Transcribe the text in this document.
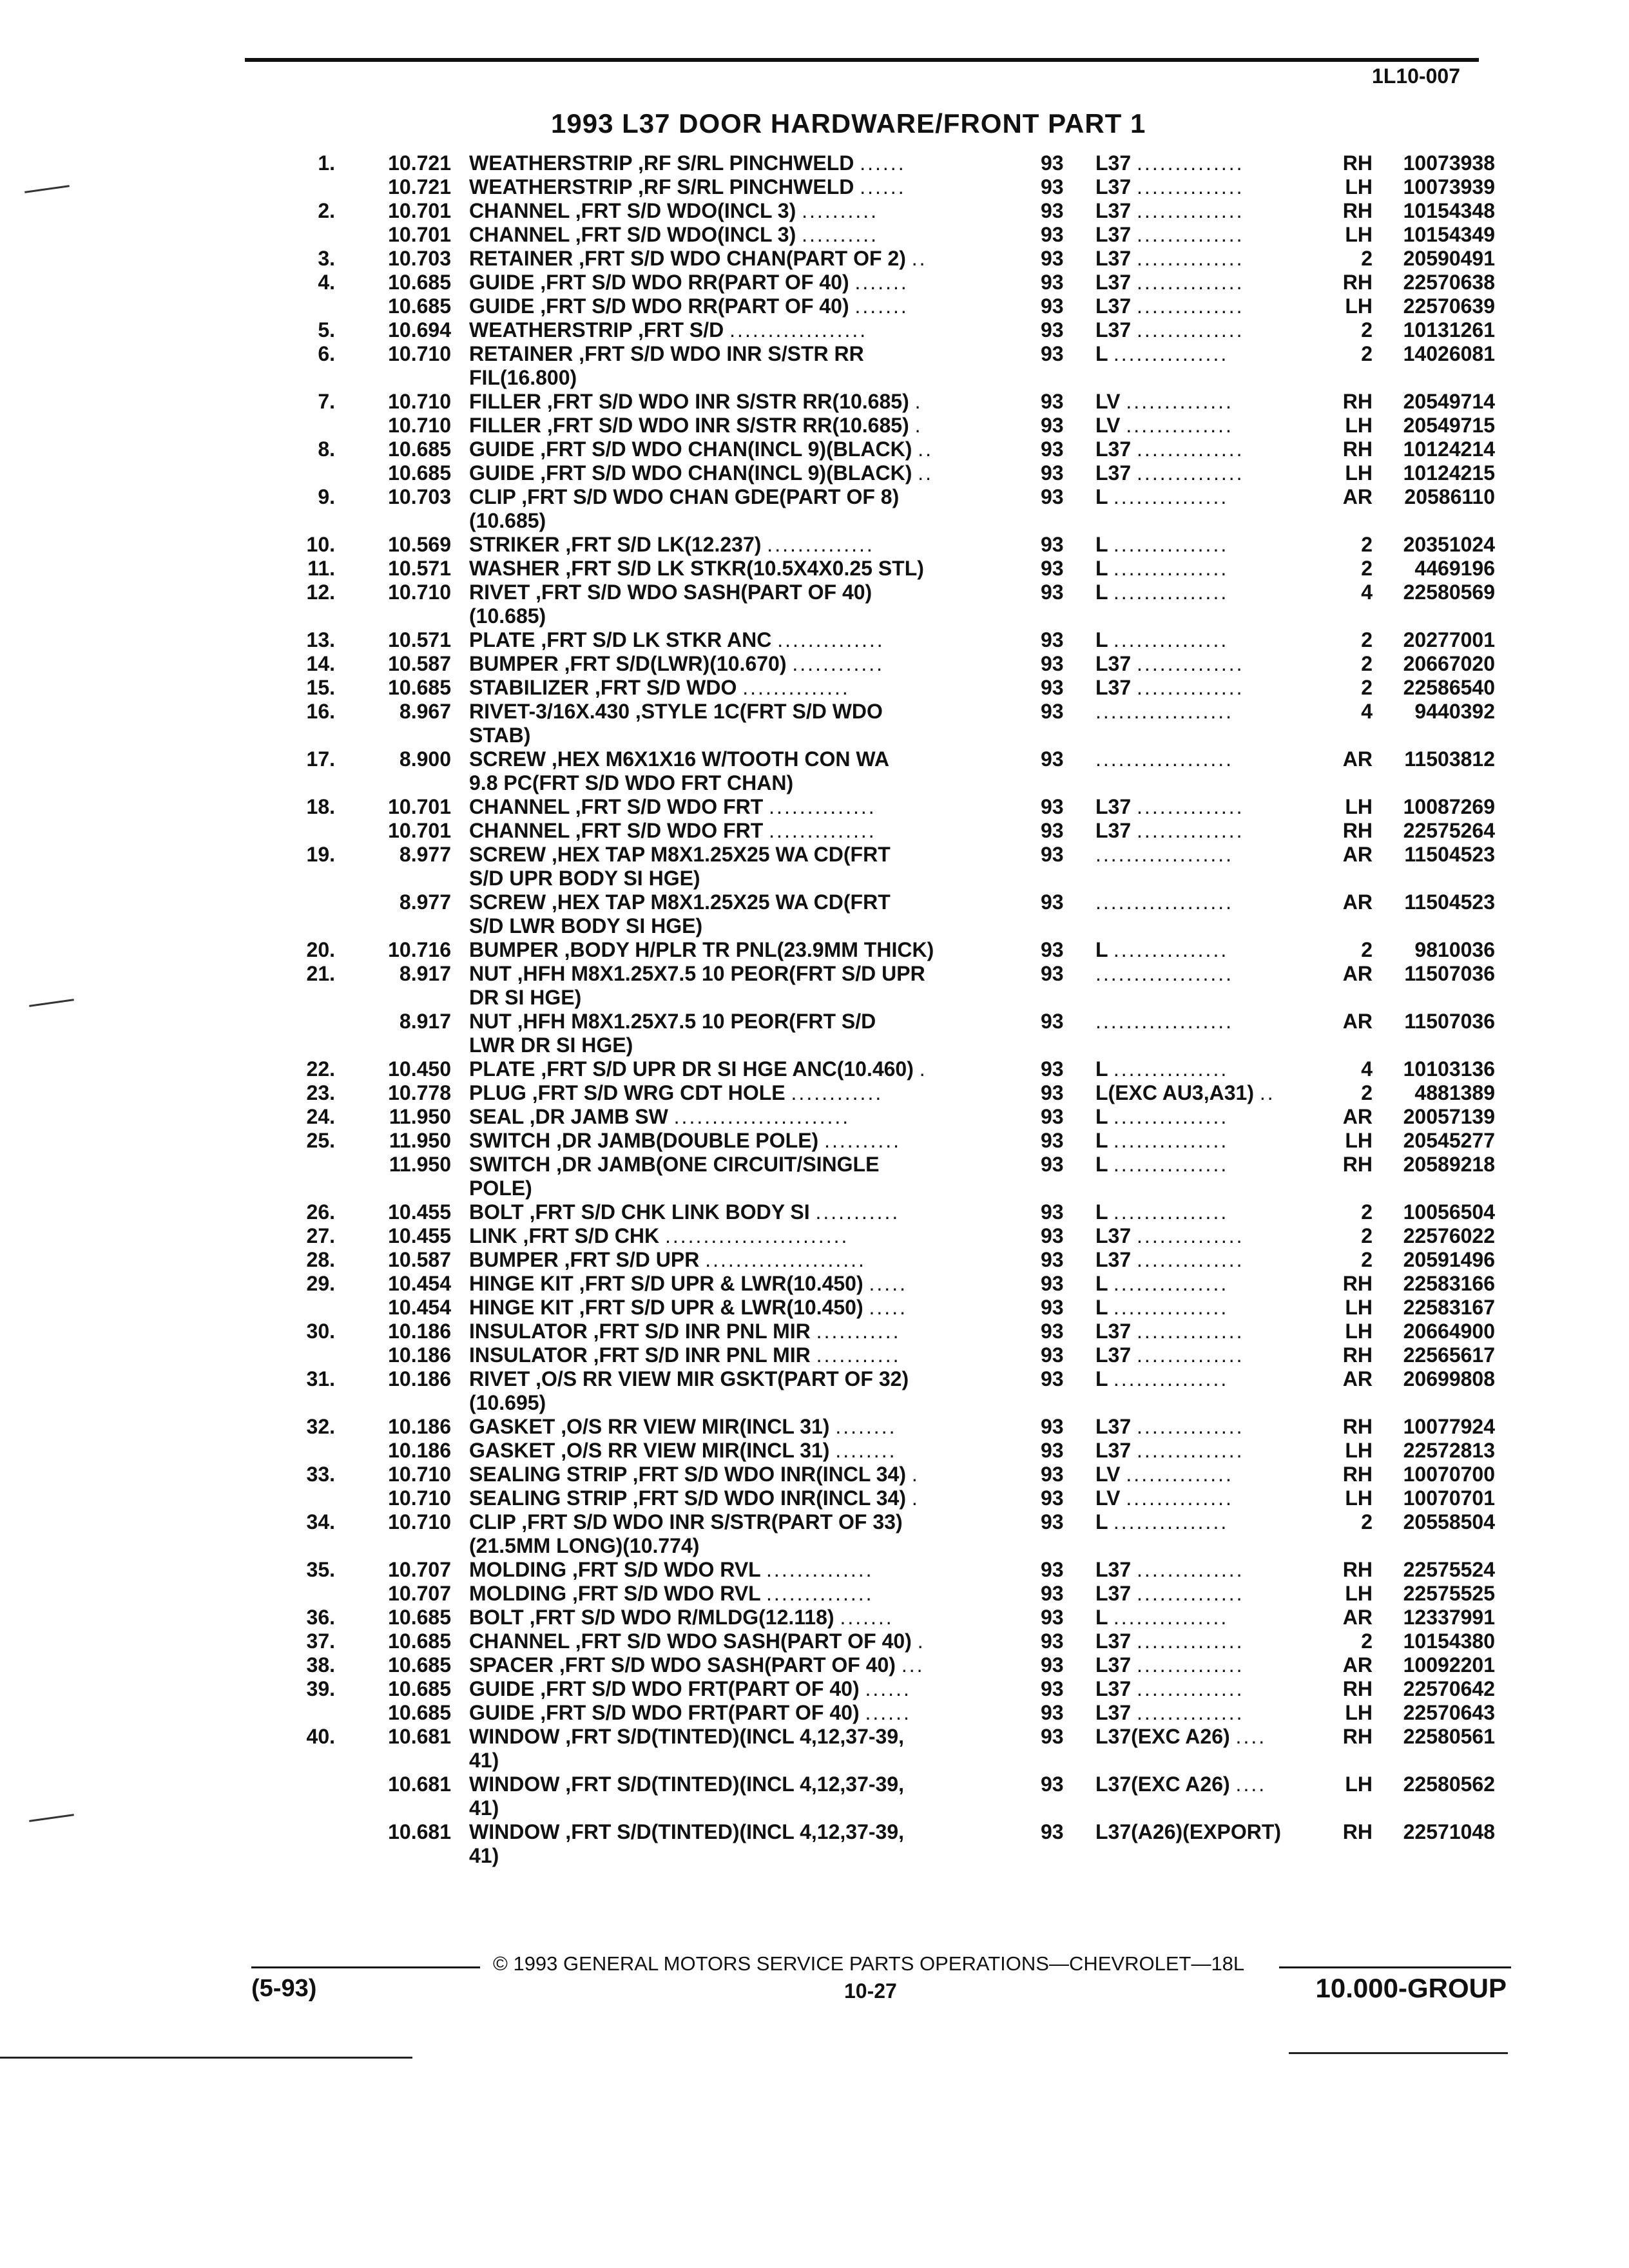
1L10-007
1993 L37 DOOR HARDWARE/FRONT PART 1
1.	10.721 WEATHERSTRIP ,RF S/RL PINCHWELD ......	93	L37 ..............	RH	10073938
10.721 WEATHERSTRIP ,RF S/RL PINCHWELD ......	93	L37 ..............	LH	10073939
2.	10.701 CHANNEL ,FRT S/D WDO(INCL 3) ..........	93	L37 ..............	RH	10154348
10.701 CHANNEL ,FRT S/D WDO(INCL 3) ..........	93	L37 ..............	LH	10154349
3.	10.703 RETAINER ,FRT S/D WDO CHAN(PART OF 2) ..	93	L37 ..............	2	20590491
4.	10.685 GUIDE ,FRT S/D WDO RR(PART OF 40) .......	93	L37 ..............	RH	22570638
10.685 GUIDE ,FRT S/D WDO RR(PART OF 40) .......	93	L37 ..............	LH	22570639
5.	10.694 WEATHERSTRIP ,FRT S/D ..................	93	L37 ..............	2	10131261
6.	10.710 RETAINER ,FRT S/D WDO INR S/STR RR	93	L ...............	2	14026081
FIL(16.800)
7.	10.710 FILLER ,FRT S/D WDO INR S/STR RR(10.685) .	93	LV ..............	RH	20549714
10.710 FILLER ,FRT S/D WDO INR S/STR RR(10.685) .	93	LV ..............	LH	20549715
8.	10.685 GUIDE ,FRT S/D WDO CHAN(INCL 9)(BLACK) ..	93	L37 ..............	RH	10124214
10.685 GUIDE ,FRT S/D WDO CHAN(INCL 9)(BLACK) ..	93	L37 ..............	LH	10124215
9.	10.703 CLIP ,FRT S/D WDO CHAN GDE(PART OF 8)	93	L ...............	AR	20586110
(10.685)
10.	10.569 STRIKER ,FRT S/D LK(12.237) ..............	93	L ...............	2	20351024
11.	10.571 WASHER ,FRT S/D LK STKR(10.5X4X0.25 STL)	93	L ...............	2	4469196
12.	10.710 RIVET ,FRT S/D WDO SASH(PART OF 40)	93	L ...............	4	22580569
(10.685)
13.	10.571 PLATE ,FRT S/D LK STKR ANC ..............	93	L ...............	2	20277001
14.	10.587 BUMPER ,FRT S/D(LWR)(10.670) ............	93	L37 ..............	2	20667020
15.	10.685 STABILIZER ,FRT S/D WDO ..............	93	L37 ..............	2	22586540
16.	8.967 RIVET-3/16X.430 ,STYLE 1C(FRT S/D WDO	93	..................	4	9440392
STAB)
17.	8.900 SCREW ,HEX M6X1X16 W/TOOTH CON WA	93	..................	AR	11503812
9.8 PC(FRT S/D WDO FRT CHAN)
18.	10.701 CHANNEL ,FRT S/D WDO FRT ..............	93	L37 ..............	LH	10087269
10.701 CHANNEL ,FRT S/D WDO FRT ..............	93	L37 ..............	RH	22575264
19.	8.977 SCREW ,HEX TAP M8X1.25X25 WA CD(FRT	93	..................	AR	11504523
S/D UPR BODY SI HGE)
8.977 SCREW ,HEX TAP M8X1.25X25 WA CD(FRT	93	..................	AR	11504523
S/D LWR BODY SI HGE)
20.	10.716 BUMPER ,BODY H/PLR TR PNL(23.9MM THICK)	93	L ...............	2	9810036
21.	8.917 NUT ,HFH M8X1.25X7.5 10 PEOR(FRT S/D UPR	93	..................	AR	11507036
DR SI HGE)
8.917 NUT ,HFH M8X1.25X7.5 10 PEOR(FRT S/D	93	..................	AR	11507036
LWR DR SI HGE)
22.	10.450 PLATE ,FRT S/D UPR DR SI HGE ANC(10.460) .	93	L ...............	4	10103136
23.	10.778 PLUG ,FRT S/D WRG CDT HOLE ............	93	L(EXC AU3,A31) ..	2	4881389
24.	11.950 SEAL ,DR JAMB SW .......................	93	L ...............	AR	20057139
25.	11.950 SWITCH ,DR JAMB(DOUBLE POLE) ..........	93	L ...............	LH	20545277
11.950 SWITCH ,DR JAMB(ONE CIRCUIT/SINGLE	93	L ...............	RH	20589218
POLE)
26.	10.455 BOLT ,FRT S/D CHK LINK BODY SI ...........	93	L ...............	2	10056504
27.	10.455 LINK ,FRT S/D CHK ........................	93	L37 ..............	2	22576022
28.	10.587 BUMPER ,FRT S/D UPR .....................	93	L37 ..............	2	20591496
29.	10.454 HINGE KIT ,FRT S/D UPR & LWR(10.450) .....	93	L ...............	RH	22583166
10.454 HINGE KIT ,FRT S/D UPR & LWR(10.450) .....	93	L ...............	LH	22583167
30.	10.186 INSULATOR ,FRT S/D INR PNL MIR ...........	93	L37 ..............	LH	20664900
10.186 INSULATOR ,FRT S/D INR PNL MIR ...........	93	L37 ..............	RH	22565617
31.	10.186 RIVET ,O/S RR VIEW MIR GSKT(PART OF 32)	93	L ...............	AR	20699808
(10.695)
32.	10.186 GASKET ,O/S RR VIEW MIR(INCL 31) ........	93	L37 ..............	RH	10077924
10.186 GASKET ,O/S RR VIEW MIR(INCL 31) ........	93	L37 ..............	LH	22572813
33.	10.710 SEALING STRIP ,FRT S/D WDO INR(INCL 34) .	93	LV ..............	RH	10070700
10.710 SEALING STRIP ,FRT S/D WDO INR(INCL 34) .	93	LV ..............	LH	10070701
34.	10.710 CLIP ,FRT S/D WDO INR S/STR(PART OF 33)	93	L ...............	2	20558504
(21.5MM LONG)(10.774)
35.	10.707 MOLDING ,FRT S/D WDO RVL ..............	93	L37 ..............	RH	22575524
10.707 MOLDING ,FRT S/D WDO RVL ..............	93	L37 ..............	LH	22575525
36.	10.685 BOLT ,FRT S/D WDO R/MLDG(12.118) .......	93	L ...............	AR	12337991
37.	10.685 CHANNEL ,FRT S/D WDO SASH(PART OF 40) .	93	L37 ..............	2	10154380
38.	10.685 SPACER ,FRT S/D WDO SASH(PART OF 40) ...	93	L37 ..............	AR	10092201
39.	10.685 GUIDE ,FRT S/D WDO FRT(PART OF 40) ......	93	L37 ..............	RH	22570642
10.685 GUIDE ,FRT S/D WDO FRT(PART OF 40) ......	93	L37 ..............	LH	22570643
40.	10.681 WINDOW ,FRT S/D(TINTED)(INCL 4,12,37-39,	93	L37(EXC A26) ....	RH	22580561
41)
10.681 WINDOW ,FRT S/D(TINTED)(INCL 4,12,37-39,	93	L37(EXC A26) ....	LH	22580562
41)
10.681 WINDOW ,FRT S/D(TINTED)(INCL 4,12,37-39,	93	L37(A26)(EXPORT)	RH	22571048
41)
© 1993 GENERAL MOTORS SERVICE PARTS OPERATIONS—CHEVROLET—18L
(5-93)	10-27	10.000-GROUP
